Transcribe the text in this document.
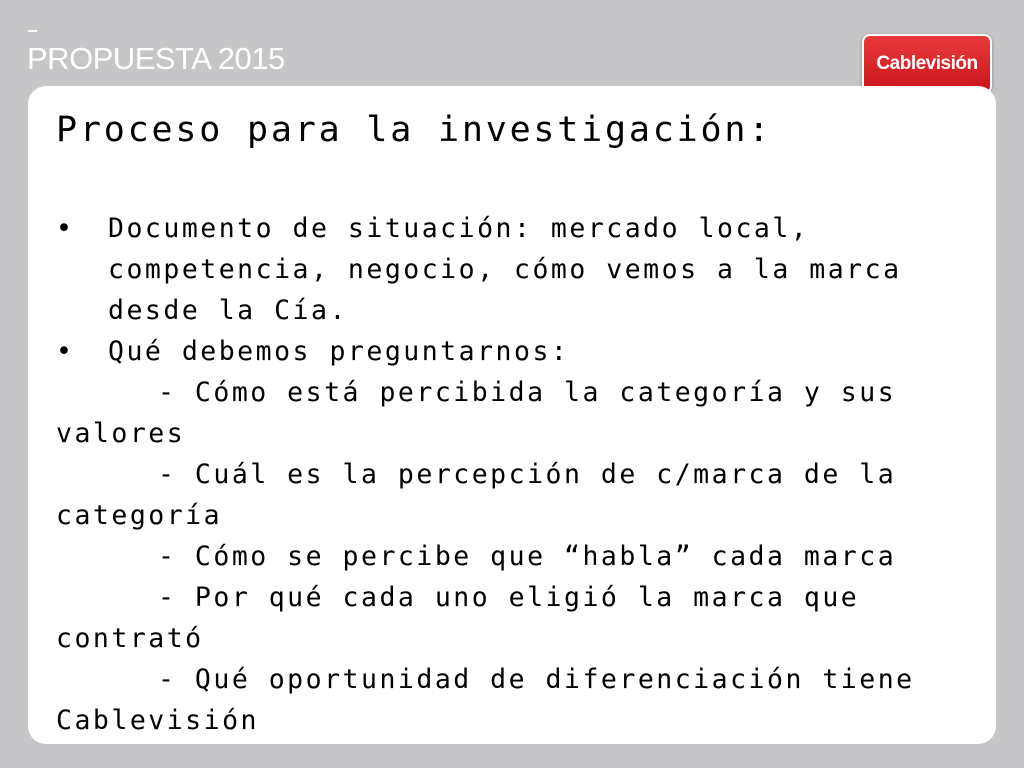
PROPUESTA 2015	Cablevisión
Proceso para la investigación:
•	Documento de situación: mercado local, competencia, negocio, cómo vemos a la marca desde la Cía.
•	Qué debemos preguntarnos:
- Cómo está percibida la categoría y sus valores
- Cuál es la percepción de c/marca de la categoría
- Cómo se percibe que “habla” cada marca
- Por qué cada uno eligió la marca que contrató
- Qué oportunidad de diferenciación tiene Cablevisión
